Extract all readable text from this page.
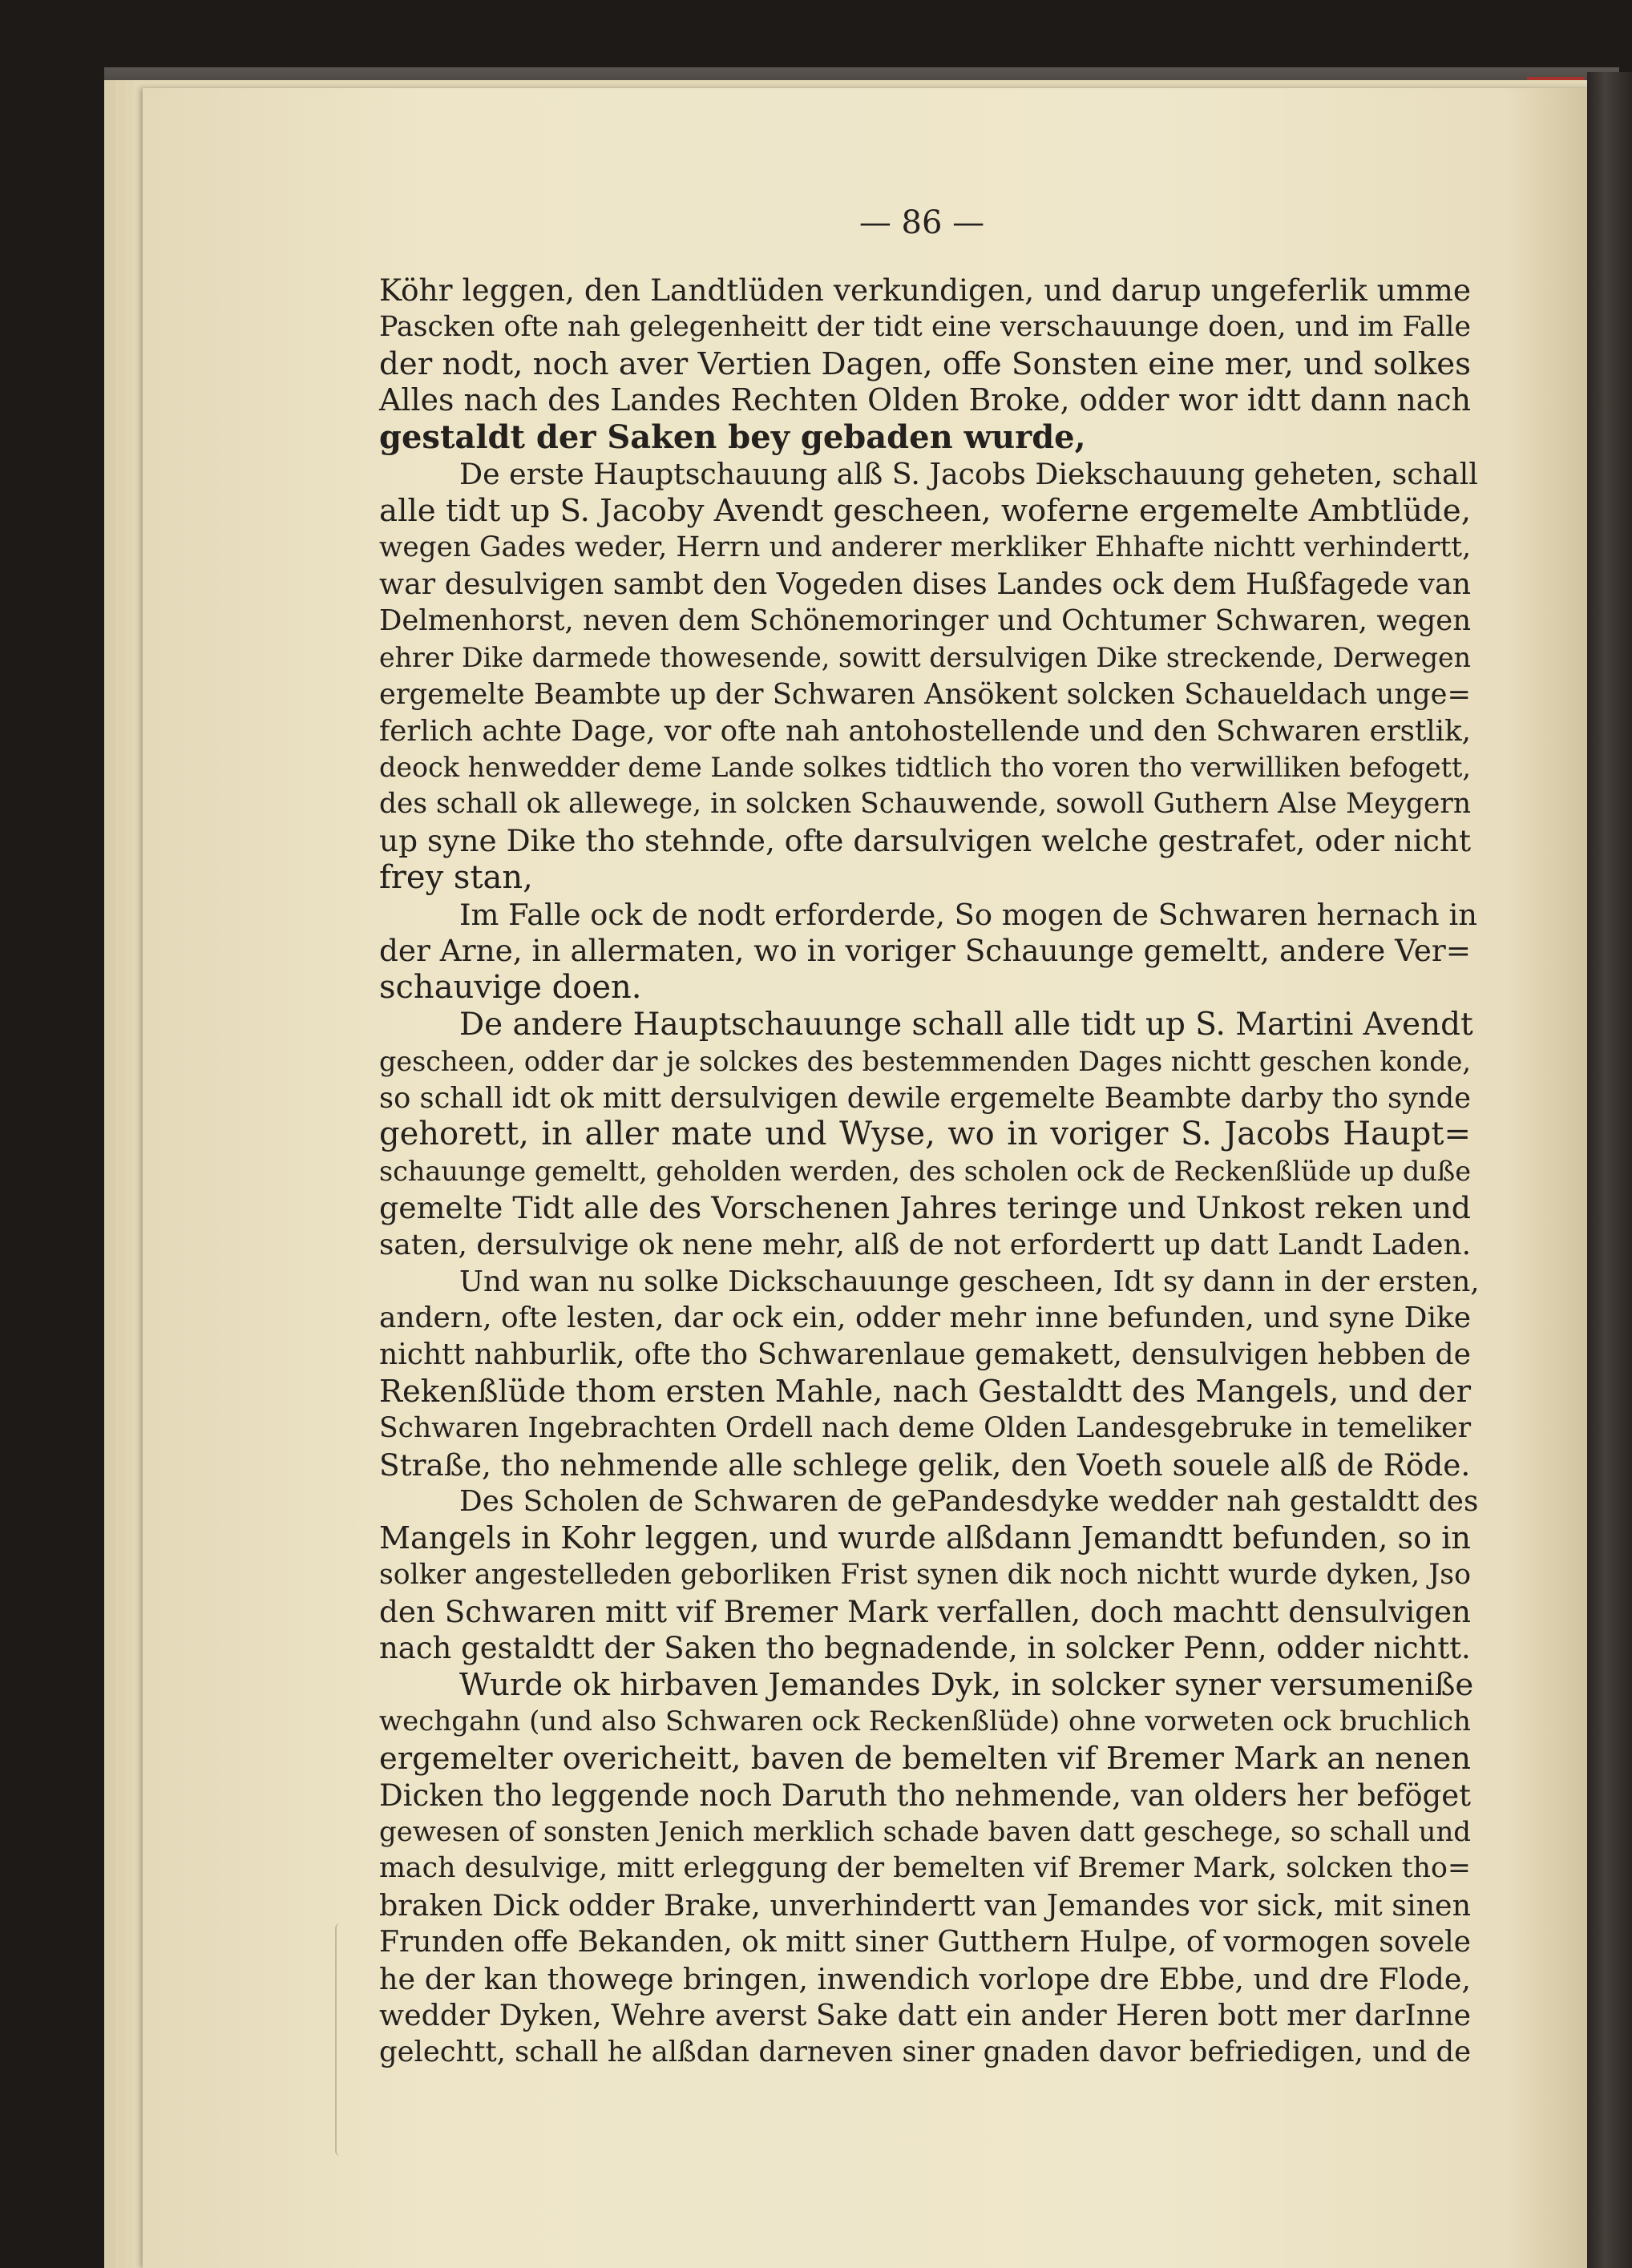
— 86 —
Köhr leggen, den Landtlüden verkundigen, und darup ungeferlik umme
Pascken ofte nah gelegenheitt der tidt eine verschauunge doen, und im Falle
der nodt, noch aver Vertien Dagen, offe Sonsten eine mer, und solkes
Alles nach des Landes Rechten Olden Broke, odder wor idtt dann nach
gestaldt der Saken bey gebaden wurde,
De erste Hauptschauung alß S. Jacobs Diekschauung geheten, schall
alle tidt up S. Jacoby Avendt gescheen, woferne ergemelte Ambtlüde,
wegen Gades weder, Herrn und anderer merkliker Ehhafte nichtt verhindertt,
war desulvigen sambt den Vogeden dises Landes ock dem Hußfagede van
Delmenhorst, neven dem Schönemoringer und Ochtumer Schwaren, wegen
ehrer Dike darmede thowesende, sowitt dersulvigen Dike streckende, Derwegen
ergemelte Beambte up der Schwaren Ansökent solcken Schaueldach unge=
ferlich achte Dage, vor ofte nah antohostellende und den Schwaren erstlik,
deock henwedder deme Lande solkes tidtlich tho voren tho verwilliken befogett,
des schall ok allewege, in solcken Schauwende, sowoll Guthern Alse Meygern
up syne Dike tho stehnde, ofte darsulvigen welche gestrafet, oder nicht
frey stan,
Im Falle ock de nodt erforderde, So mogen de Schwaren hernach in
der Arne, in allermaten, wo in voriger Schauunge gemeltt, andere Ver=
schauvige doen.
De andere Hauptschauunge schall alle tidt up S. Martini Avendt
gescheen, odder dar je solckes des bestemmenden Dages nichtt geschen konde,
so schall idt ok mitt dersulvigen dewile ergemelte Beambte darby tho synde
gehorett, in aller mate und Wyse, wo in voriger S. Jacobs Haupt=
schauunge gemeltt, geholden werden, des scholen ock de Reckenßlüde up duße
gemelte Tidt alle des Vorschenen Jahres teringe und Unkost reken und
saten, dersulvige ok nene mehr, alß de not erfordertt up datt Landt Laden.
Und wan nu solke Dickschauunge gescheen, Idt sy dann in der ersten,
andern, ofte lesten, dar ock ein, odder mehr inne befunden, und syne Dike
nichtt nahburlik, ofte tho Schwarenlaue gemakett, densulvigen hebben de
Rekenßlüde thom ersten Mahle, nach Gestaldtt des Mangels, und der
Schwaren Ingebrachten Ordell nach deme Olden Landesgebruke in temeliker
Straße, tho nehmende alle schlege gelik, den Voeth souele alß de Röde.
Des Scholen de Schwaren de gePandesdyke wedder nah gestaldtt des
Mangels in Kohr leggen, und wurde alßdann Jemandtt befunden, so in
solker angestelleden geborliken Frist synen dik noch nichtt wurde dyken, Jso
den Schwaren mitt vif Bremer Mark verfallen, doch machtt densulvigen
nach gestaldtt der Saken tho begnadende, in solcker Penn, odder nichtt.
Wurde ok hirbaven Jemandes Dyk, in solcker syner versumeniße
wechgahn (und also Schwaren ock Reckenßlüde) ohne vorweten ock bruchlich
ergemelter overicheitt, baven de bemelten vif Bremer Mark an nenen
Dicken tho leggende noch Daruth tho nehmende, van olders her beföget
gewesen of sonsten Jenich merklich schade baven datt geschege, so schall und
mach desulvige, mitt erleggung der bemelten vif Bremer Mark, solcken tho=
braken Dick odder Brake, unverhindertt van Jemandes vor sick, mit sinen
Frunden offe Bekanden, ok mitt siner Gutthern Hulpe, of vormogen sovele
he der kan thowege bringen, inwendich vorlope dre Ebbe, und dre Flode,
wedder Dyken, Wehre averst Sake datt ein ander Heren bott mer darInne
gelechtt, schall he alßdan darneven siner gnaden davor befriedigen, und de
